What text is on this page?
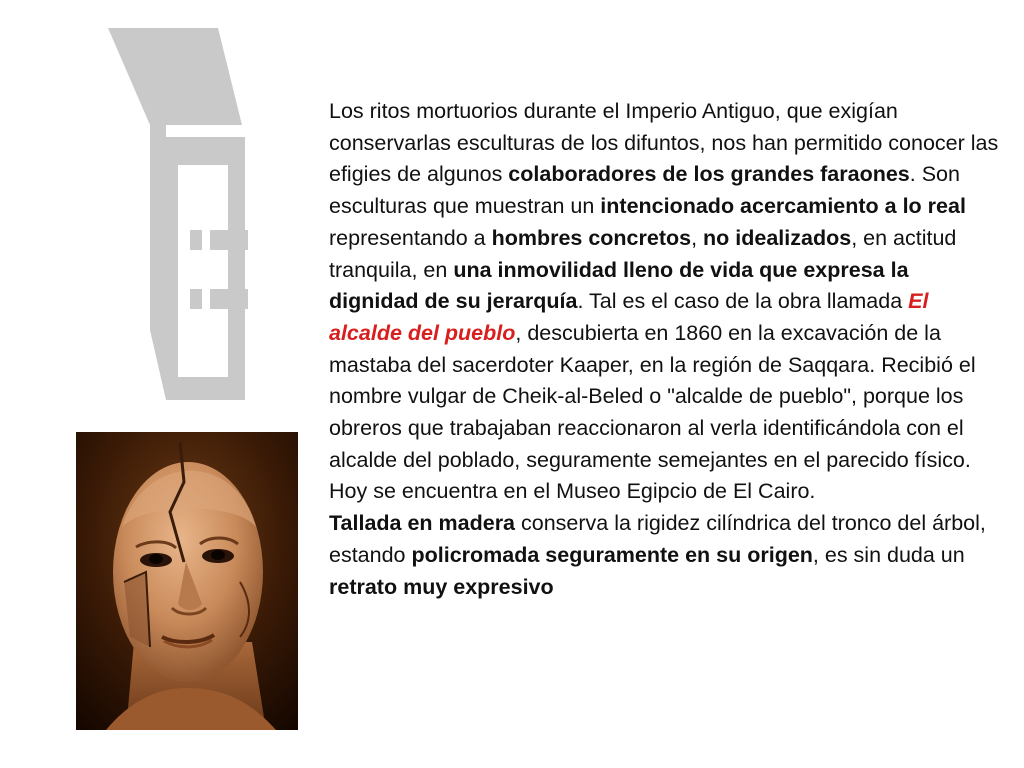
Los ritos mortuorios durante el Imperio Antiguo, que exigían conservarlas esculturas de los difuntos, nos han permitido conocer las efigies de algunos colaboradores de los grandes faraones. Son esculturas que muestran un intencionado acercamiento a lo real representando a hombres concretos, no idealizados, en actitud tranquila, en una inmovilidad lleno de vida que expresa la dignidad de su jerarquía. Tal es el caso de la obra llamada El alcalde del pueblo, descubierta en 1860 en la excavación de la mastaba del sacerdoter Kaaper, en la región de Saqqara. Recibió el nombre vulgar de Cheik-al-Beled o "alcalde de pueblo", porque los obreros que trabajaban reaccionaron al verla identificándola con el alcalde del poblado, seguramente semejantes en el parecido físico. Hoy se encuentra en el Museo Egipcio de El Cairo.

Tallada en madera conserva la rigidez cilíndrica del tronco del árbol, estando policromada seguramente en su origen, es sin duda un retrato muy expresivo
